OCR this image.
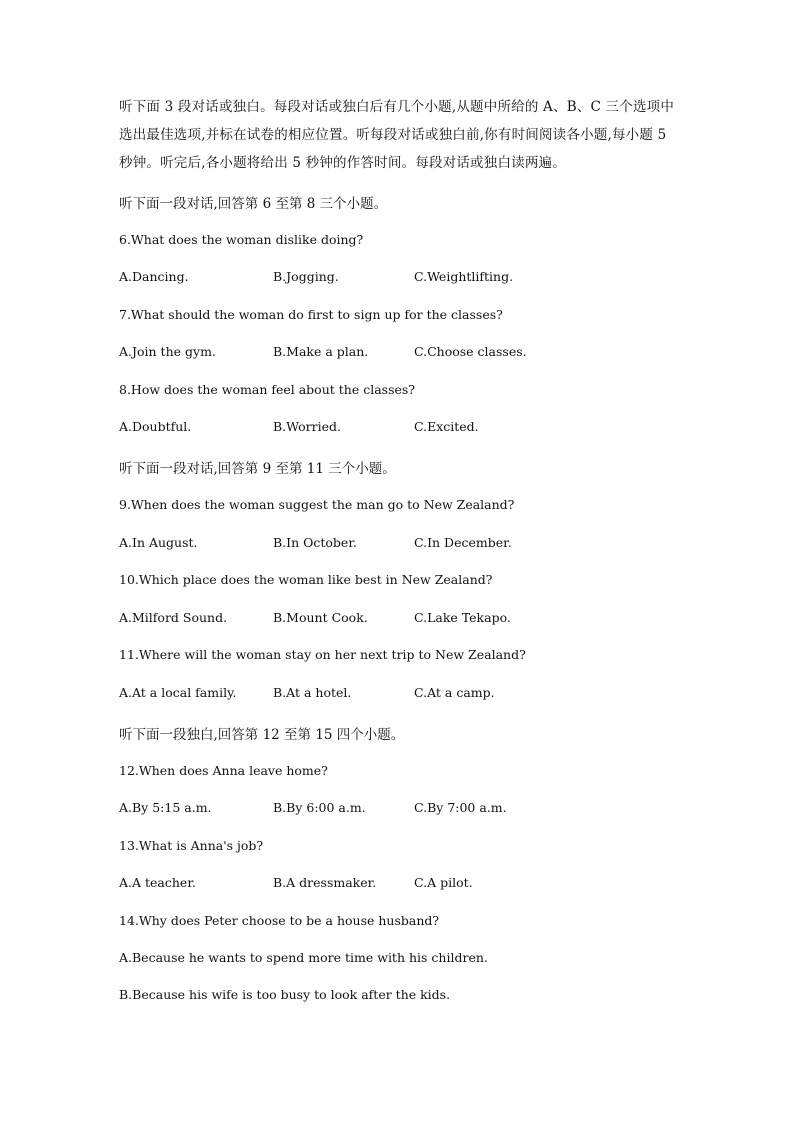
听下面 3 段对话或独白。每段对话或独白后有几个小题,从题中所给的 A、B、C 三个选项中选出最佳选项,并标在试卷的相应位置。听每段对话或独白前,你有时间阅读各小题,每小题 5 秒钟。听完后,各小题将给出 5 秒钟的作答时间。每段对话或独白读两遍。

听下面一段对话,回答第 6 至第 8 三个小题。

6.What does the woman dislike doing?

A.Dancing.	B.Jogging.	C.Weightlifting.

7.What should the woman do first to sign up for the classes?

A.Join the gym.	B.Make a plan.	C.Choose classes.

8.How does the woman feel about the classes?

A.Doubtful.	B.Worried.	C.Excited.

听下面一段对话,回答第 9 至第 11 三个小题。

9.When does the woman suggest the man go to New Zealand?

A.In August.	B.In October.	C.In December.

10.Which place does the woman like best in New Zealand?

A.Milford Sound.	B.Mount Cook.	C.Lake Tekapo.

11.Where will the woman stay on her next trip to New Zealand?

A.At a local family.	B.At a hotel.	C.At a camp.

听下面一段独白,回答第 12 至第 15 四个小题。

12.When does Anna leave home?

A.By 5:15 a.m.	B.By 6:00 a.m.	C.By 7:00 a.m.

13.What is Anna's job?

A.A teacher.	B.A dressmaker.	C.A pilot.

14.Why does Peter choose to be a house husband?

A.Because he wants to spend more time with his children.

B.Because his wife is too busy to look after the kids.
